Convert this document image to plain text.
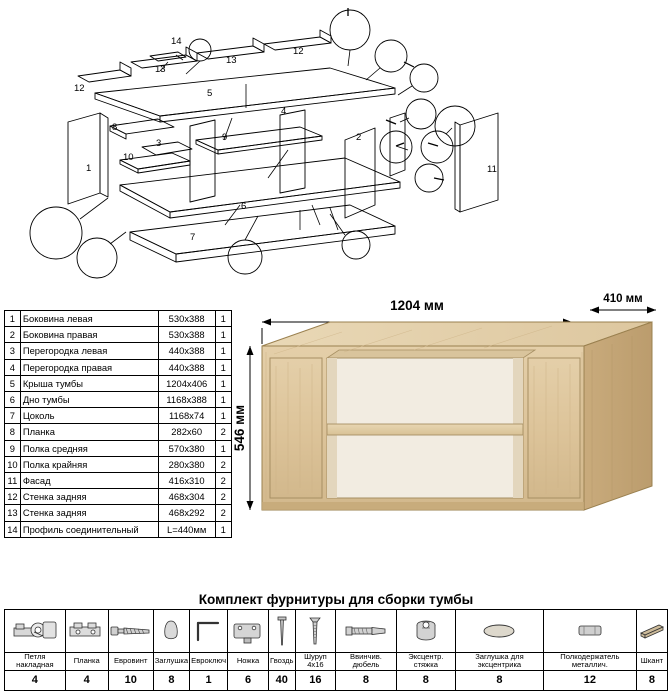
1
2
3
4
5
6
7
8
9
10
11
12
12
13
13
14
1	Боковина левая	530х388	1
2	Боковина правая	530х388	1
3	Перегородка левая	440х388	1
4	Перегородка правая	440х388	1
5	Крыша тумбы	1204х406	1
6	Дно тумбы	1168х388	1
7	Цоколь	1168х74	1
8	Планка	282х60	2
9	Полка средняя	570х380	1
10	Полка крайняя	280х380	2
11	Фасад	416х310	2
12	Стенка задняя	468х304	2
13	Стенка задняя	468х292	2
14	Профиль соединительный	L=440мм	1
1204 мм	410 мм
546 мм
Комплект фурнитуры для сборки тумбы

Петля накладная	Планка	Евровинт	Заглушка	Евроключ	Ножка	Гвоздь	Шуруп 4х16	Ввинчив. дюбель	Эксцентр. стяжка	Заглушка для эксцентрика	Полкодержатель металлич.	Шкант
4	4	10	8	1	6	40	16	8	8	8	12	8
